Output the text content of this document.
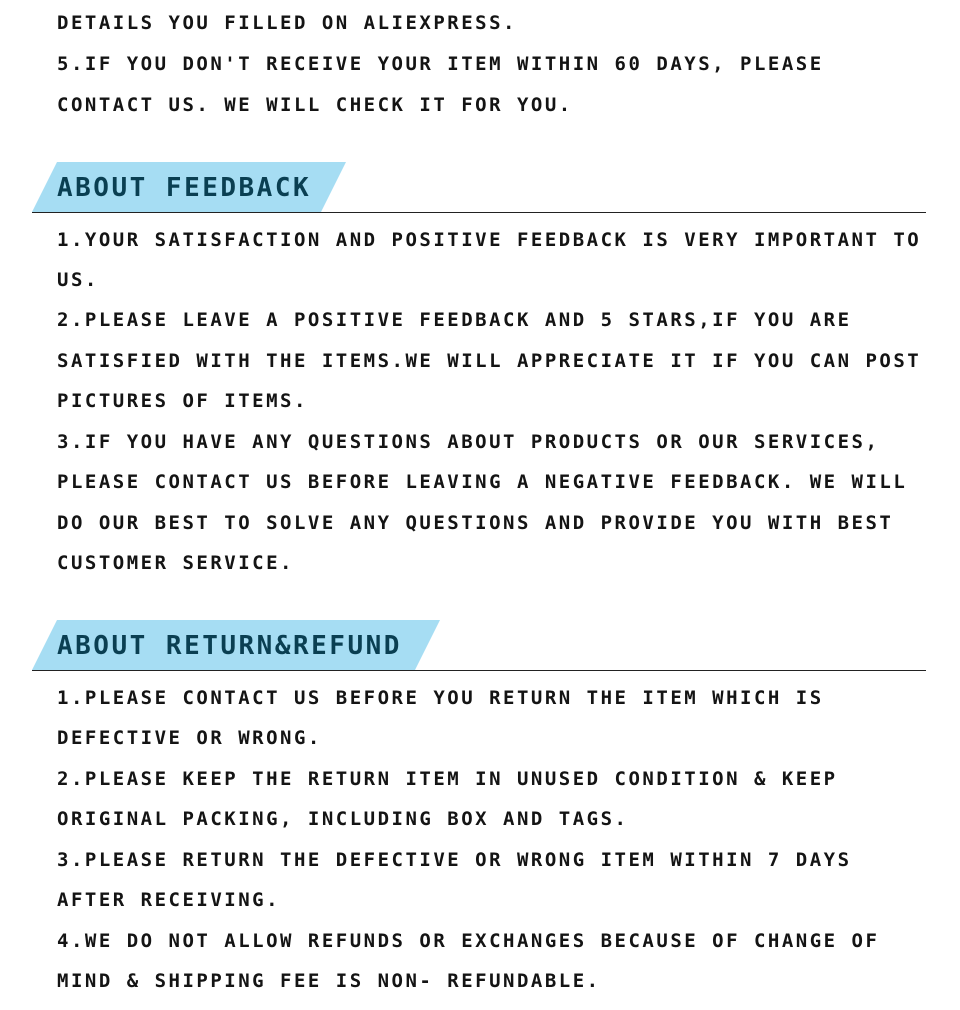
DETAILS YOU FILLED ON ALIEXPRESS.
5.IF YOU DON'T RECEIVE YOUR ITEM WITHIN 60 DAYS, PLEASE
CONTACT US. WE WILL CHECK IT FOR YOU.
ABOUT FEEDBACK
1.YOUR SATISFACTION AND POSITIVE FEEDBACK IS VERY IMPORTANT TO
US.
2.PLEASE LEAVE A POSITIVE FEEDBACK AND 5 STARS,IF YOU ARE
SATISFIED WITH THE ITEMS.WE WILL APPRECIATE IT IF YOU CAN POST
PICTURES OF ITEMS.
3.IF YOU HAVE ANY QUESTIONS ABOUT PRODUCTS OR OUR SERVICES,
PLEASE CONTACT US BEFORE LEAVING A NEGATIVE FEEDBACK. WE WILL
DO OUR BEST TO SOLVE ANY QUESTIONS AND PROVIDE YOU WITH BEST
CUSTOMER SERVICE.
ABOUT RETURN&REFUND
1.PLEASE CONTACT US BEFORE YOU RETURN THE ITEM WHICH IS
DEFECTIVE OR WRONG.
2.PLEASE KEEP THE RETURN ITEM IN UNUSED CONDITION & KEEP
ORIGINAL PACKING, INCLUDING BOX AND TAGS.
3.PLEASE RETURN THE DEFECTIVE OR WRONG ITEM WITHIN 7 DAYS
AFTER RECEIVING.
4.WE DO NOT ALLOW REFUNDS OR EXCHANGES BECAUSE OF CHANGE OF
MIND & SHIPPING FEE IS NON- REFUNDABLE.
